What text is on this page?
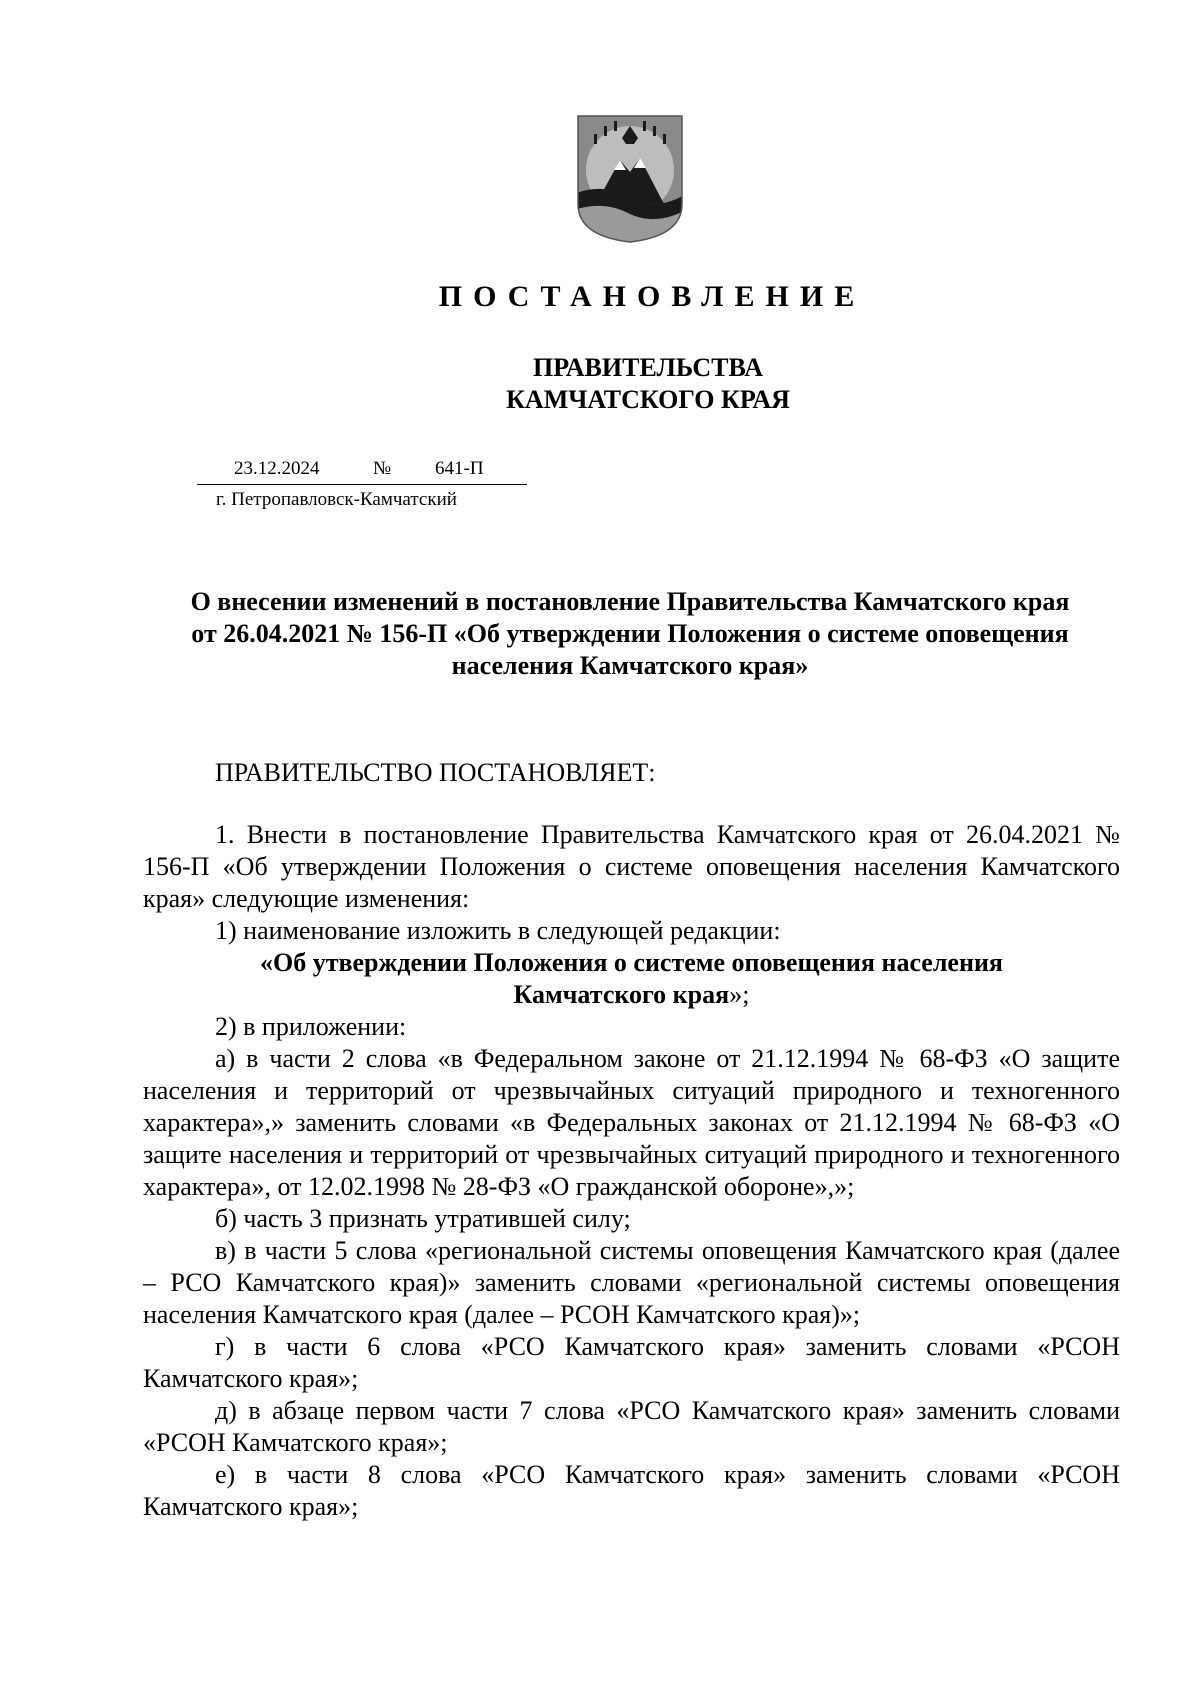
ПОСТАНОВЛЕНИЕ
ПРАВИТЕЛЬСТВА
КАМЧАТСКОГО КРАЯ
23.12.2024	№ 641-П
г. Петропавловск-Камчатский
О внесении изменений в постановление Правительства Камчатского края
от 26.04.2021 № 156-П «Об утверждении Положения о системе оповещения
населения Камчатского края»

ПРАВИТЕЛЬСТВО ПОСТАНОВЛЯЕТ:

1. Внести в постановление Правительства Камчатского края от 26.04.2021 № 156-П «Об утверждении Положения о системе оповещения населения Камчатского края» следующие изменения:

1) наименование изложить в следующей редакции:

«Об утверждении Положения о системе оповещения населения
Камчатского края»;

2) в приложении:

а) в части 2 слова «в Федеральном законе от 21.12.1994 № 68-ФЗ «О защите населения и территорий от чрезвычайных ситуаций природного и техногенного характера»,» заменить словами «в Федеральных законах от 21.12.1994 № 68-ФЗ «О защите населения и территорий от чрезвычайных ситуаций природного и техногенного характера», от 12.02.1998 № 28-ФЗ «О гражданской обороне»,»;

б) часть 3 признать утратившей силу;

в) в части 5 слова «региональной системы оповещения Камчатского края (далее – РСО Камчатского края)» заменить словами «региональной системы оповещения населения Камчатского края (далее – РСОН Камчатского края)»;

г) в части 6 слова «РСО Камчатского края» заменить словами «РСОН Камчатского края»;

д) в абзаце первом части 7 слова «РСО Камчатского края» заменить словами «РСОН Камчатского края»;

е) в части 8 слова «РСО Камчатского края» заменить словами «РСОН Камчатского края»;
